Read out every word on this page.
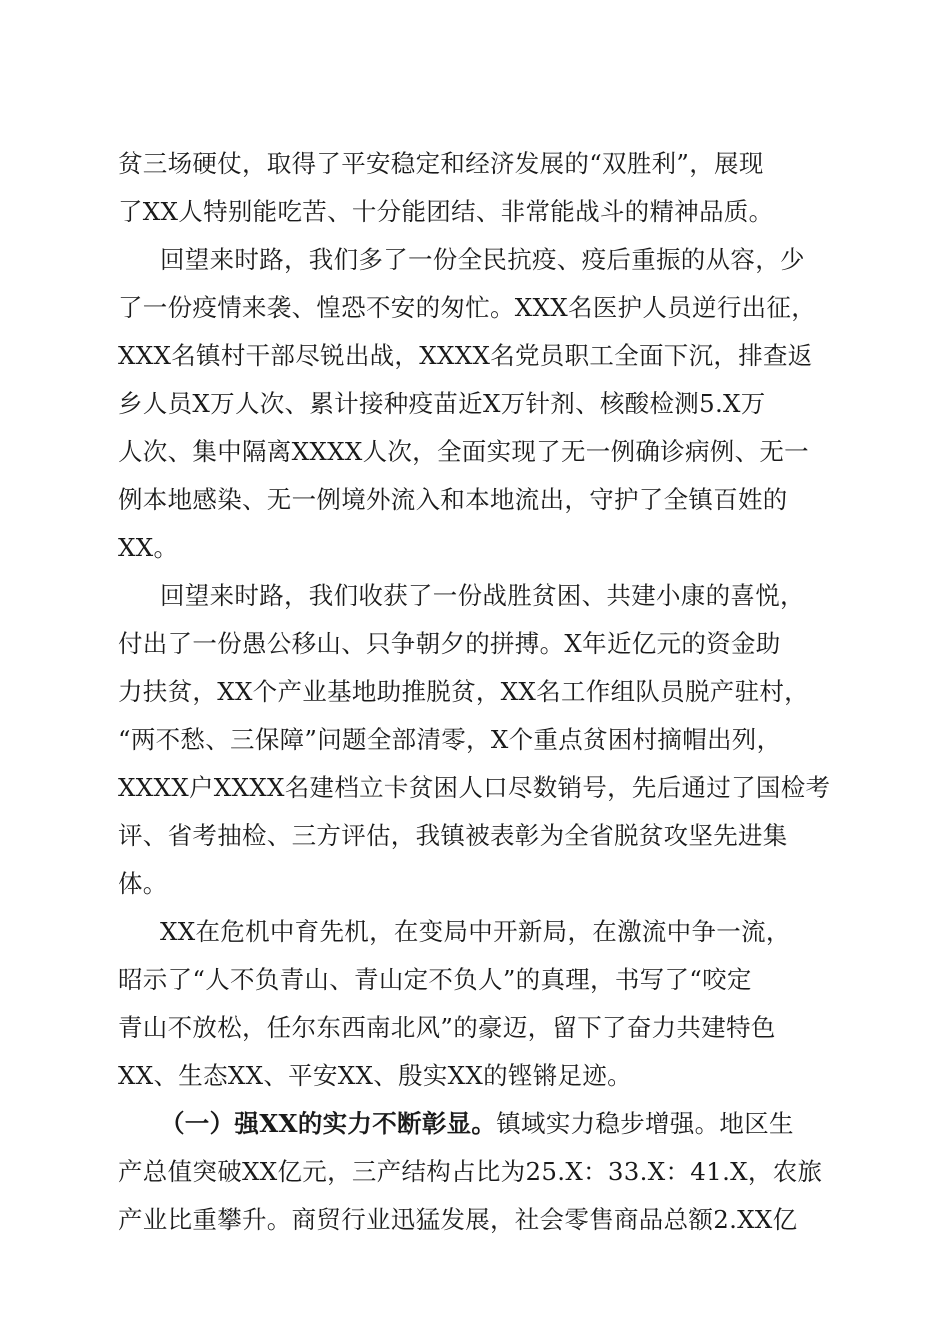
贫三场硬仗，取得了平安稳定和经济发展的“双胜利”，展现
了XX人特别能吃苦、十分能团结、非常能战斗的精神品质。
回望来时路，我们多了一份全民抗疫、疫后重振的从容，少
了一份疫情来袭、惶恐不安的匆忙。XXX名医护人员逆行出征，
XXX名镇村干部尽锐出战，XXXX名党员职工全面下沉，排查返
乡人员X万人次、累计接种疫苗近X万针剂、核酸检测5.X万
人次、集中隔离XXXX人次，全面实现了无一例确诊病例、无一
例本地感染、无一例境外流入和本地流出，守护了全镇百姓的
XX。
回望来时路，我们收获了一份战胜贫困、共建小康的喜悦，
付出了一份愚公移山、只争朝夕的拼搏。X年近亿元的资金助
力扶贫，XX个产业基地助推脱贫，XX名工作组队员脱产驻村，
“两不愁、三保障”问题全部清零，X个重点贫困村摘帽出列，
XXXX户XXXX名建档立卡贫困人口尽数销号，先后通过了国检考
评、省考抽检、三方评估，我镇被表彰为全省脱贫攻坚先进集
体。
XX在危机中育先机，在变局中开新局，在激流中争一流，
昭示了“人不负青山、青山定不负人”的真理，书写了“咬定
青山不放松，任尔东西南北风”的豪迈，留下了奋力共建特色
XX、生态XX、平安XX、殷实XX的铿锵足迹。
（一）强XX的实力不断彰显。镇域实力稳步增强。地区生
产总值突破XX亿元，三产结构占比为25.X：33.X：41.X，农旅
产业比重攀升。商贸行业迅猛发展，社会零售商品总额2.XX亿
